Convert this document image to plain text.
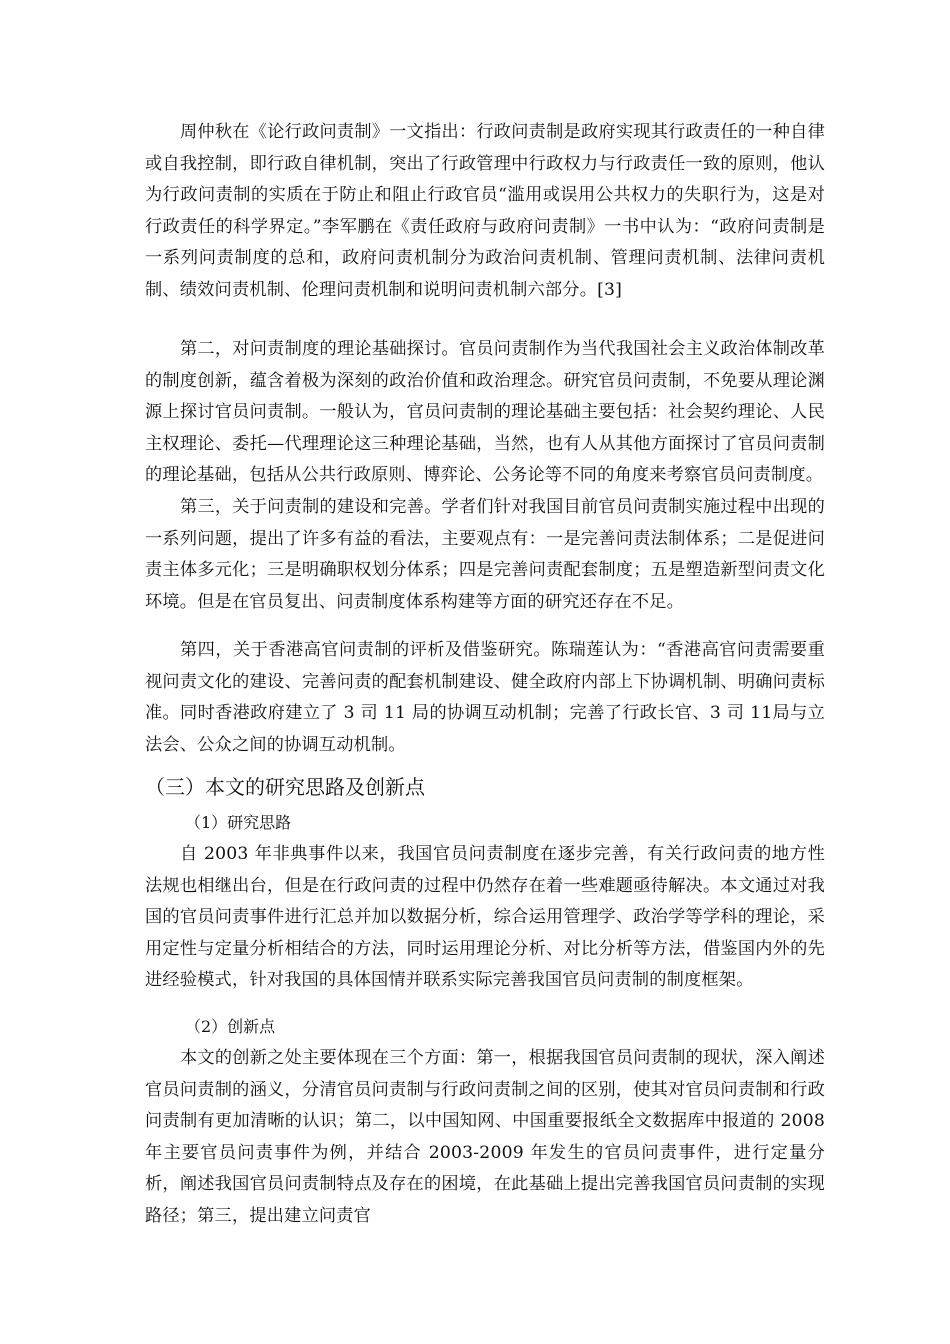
周仲秋在《论行政问责制》一文指出：行政问责制是政府实现其行政责任的一种自律或自我控制，即行政自律机制，突出了行政管理中行政权力与行政责任一致的原则，他认为行政问责制的实质在于防止和阻止行政官员“滥用或误用公共权力的失职行为，这是对行政责任的科学界定。”李军鹏在《责任政府与政府问责制》一书中认为：“政府问责制是一系列问责制度的总和，政府问责机制分为政治问责机制、管理问责机制、法律问责机制、绩效问责机制、伦理问责机制和说明问责机制六部分。[3]

第二，对问责制度的理论基础探讨。官员问责制作为当代我国社会主义政治体制改革的制度创新，蕴含着极为深刻的政治价值和政治理念。研究官员问责制，不免要从理论渊源上探讨官员问责制。一般认为，官员问责制的理论基础主要包括：社会契约理论、人民主权理论、委托—代理理论这三种理论基础，当然，也有人从其他方面探讨了官员问责制的理论基础，包括从公共行政原则、博弈论、公务论等不同的角度来考察官员问责制度。

第三，关于问责制的建设和完善。学者们针对我国目前官员问责制实施过程中出现的一系列问题，提出了许多有益的看法，主要观点有：一是完善问责法制体系；二是促进问责主体多元化；三是明确职权划分体系；四是完善问责配套制度；五是塑造新型问责文化环境。但是在官员复出、问责制度体系构建等方面的研究还存在不足。

第四，关于香港高官问责制的评析及借鉴研究。陈瑞莲认为：“香港高官问责需要重视问责文化的建设、完善问责的配套机制建设、健全政府内部上下协调机制、明确问责标准。同时香港政府建立了 3 司 11 局的协调互动机制；完善了行政长官、3 司 11局与立法会、公众之间的协调互动机制。

（三）本文的研究思路及创新点

（1）研究思路

自 2003 年非典事件以来，我国官员问责制度在逐步完善，有关行政问责的地方性法规也相继出台，但是在行政问责的过程中仍然存在着一些难题亟待解决。本文通过对我国的官员问责事件进行汇总并加以数据分析，综合运用管理学、政治学等学科的理论，采用定性与定量分析相结合的方法，同时运用理论分析、对比分析等方法，借鉴国内外的先进经验模式，针对我国的具体国情并联系实际完善我国官员问责制的制度框架。

（2）创新点

本文的创新之处主要体现在三个方面：第一，根据我国官员问责制的现状，深入阐述官员问责制的涵义，分清官员问责制与行政问责制之间的区别，使其对官员问责制和行政问责制有更加清晰的认识；第二，以中国知网、中国重要报纸全文数据库中报道的 2008 年主要官员问责事件为例，并结合 2003-2009 年发生的官员问责事件，进行定量分析，阐述我国官员问责制特点及存在的困境，在此基础上提出完善我国官员问责制的实现路径；第三，提出建立问责官
